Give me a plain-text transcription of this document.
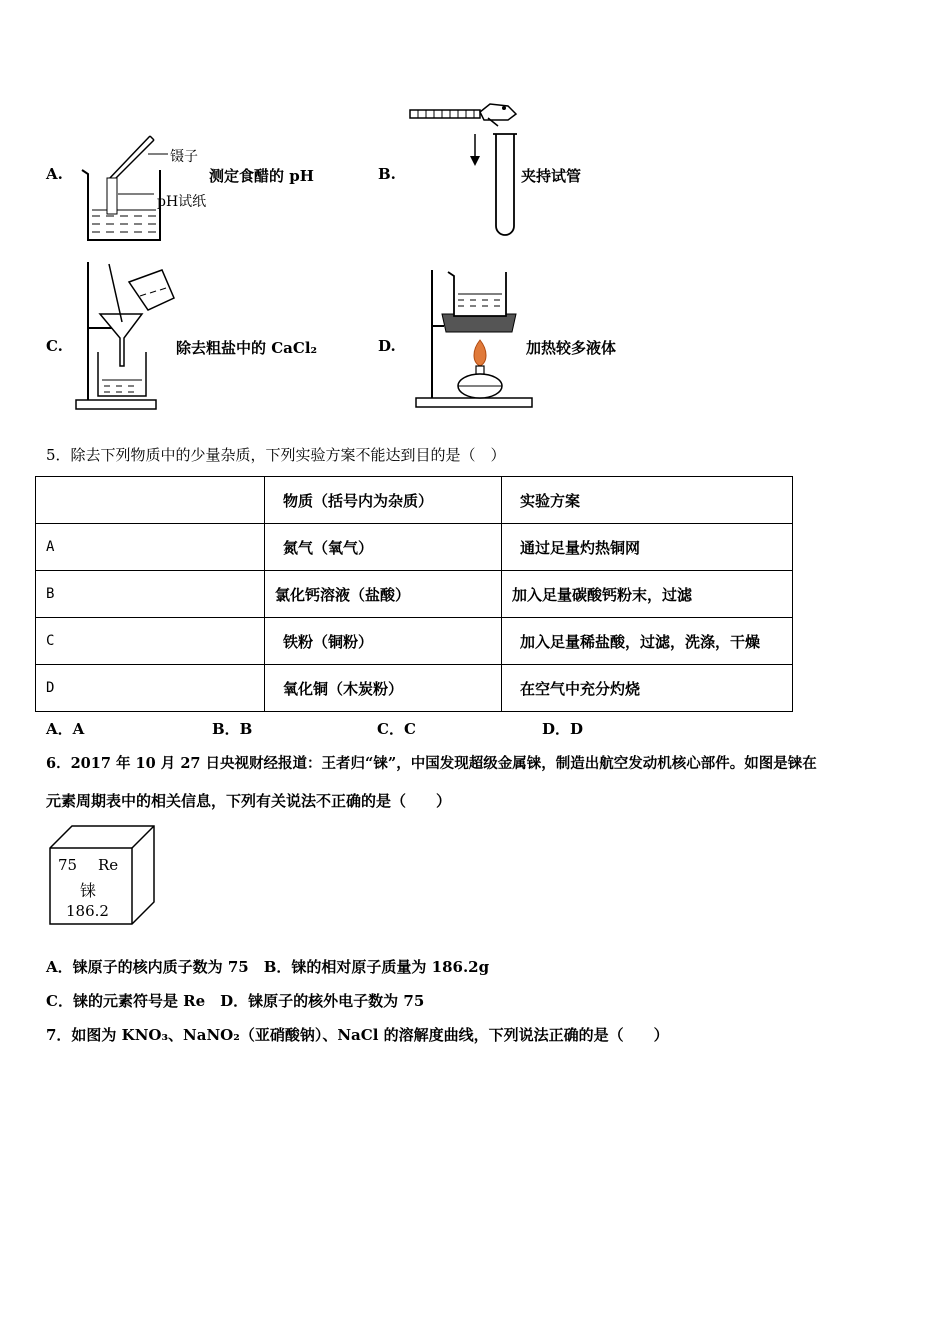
A.
镊子
pH试纸
测定食醋的 pH	B.	夹持试管
C.	除去粗盐中的 CaCl₂	D.	加热较多液体
5．除去下列物质中的少量杂质，下列实验方案不能达到目的是（　）
	物质（括号内为杂质）	实验方案
A	氮气（氧气）	通过足量灼热铜网
B	氯化钙溶液（盐酸）	加入足量碳酸钙粉末，过滤
C	铁粉（铜粉）	加入足量稀盐酸，过滤，洗涤，干燥
D	氧化铜（木炭粉）	在空气中充分灼烧
A．A	B．B	C．C	D．D
6．2017 年 10 月 27 日央视财经报道：王者归“铼”，中国发现超级金属铼，制造出航空发动机核心部件。如图是铼在
元素周期表中的相关信息，下列有关说法不正确的是（　　）
75 Re
铼
186.2
A．铼原子的核内质子数为 75　B．铼的相对原子质量为 186.2g
C．铼的元素符号是 Re　D．铼原子的核外电子数为 75
7．如图为 KNO₃、NaNO₂（亚硝酸钠）、NaCl 的溶解度曲线，下列说法正确的是（　　）
